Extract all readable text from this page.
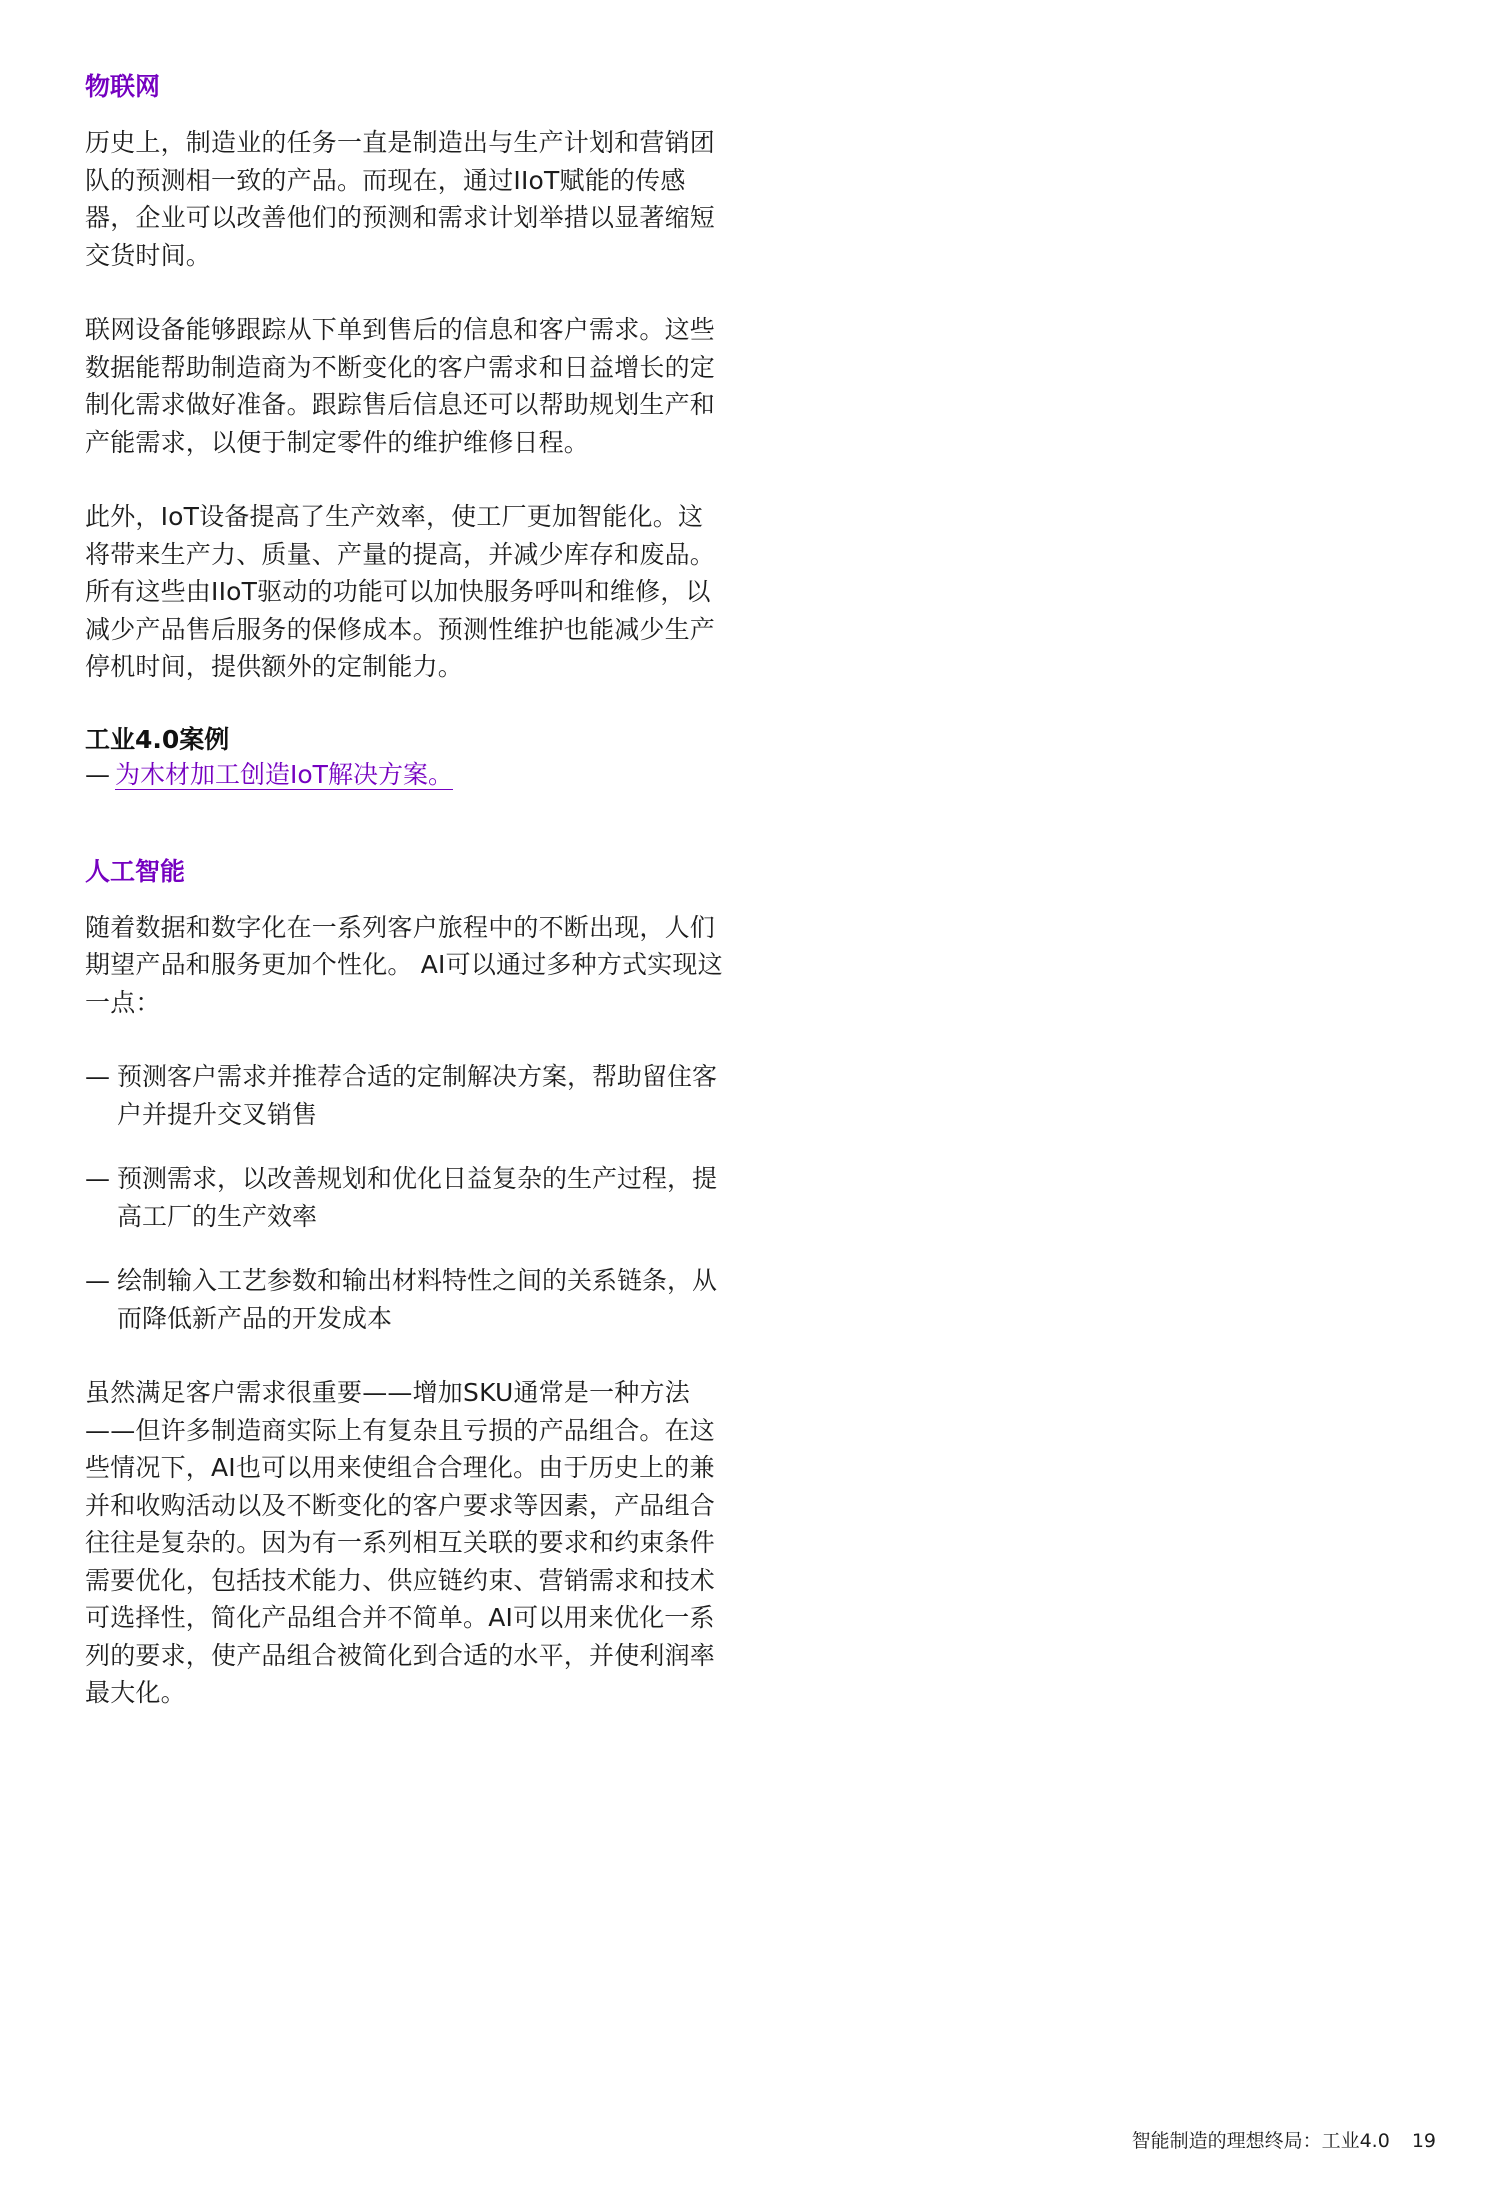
物联网

历史上，制造业的任务一直是制造出与生产计划和营销团队的预测相一致的产品。而现在，通过IIoT赋能的传感器，企业可以改善他们的预测和需求计划举措以显著缩短交货时间。

联网设备能够跟踪从下单到售后的信息和客户需求。这些数据能帮助制造商为不断变化的客户需求和日益增长的定制化需求做好准备。跟踪售后信息还可以帮助规划生产和产能需求，以便于制定零件的维护维修日程。

此外，IoT设备提高了生产效率，使工厂更加智能化。这将带来生产力、质量、产量的提高，并减少库存和废品。所有这些由IIoT驱动的功能可以加快服务呼叫和维修，以减少产品售后服务的保修成本。预测性维护也能减少生产停机时间，提供额外的定制能力。

工业4.0案例

— 为木材加工创造IoT解决方案。

人工智能

随着数据和数字化在一系列客户旅程中的不断出现，人们期望产品和服务更加个性化。 AI可以通过多种方式实现这一点：

— 预测客户需求并推荐合适的定制解决方案，帮助留住客户并提升交叉销售
— 预测需求，以改善规划和优化日益复杂的生产过程，提高工厂的生产效率
— 绘制输入工艺参数和输出材料特性之间的关系链条，从而降低新产品的开发成本

虽然满足客户需求很重要——增加SKU通常是一种方法——但许多制造商实际上有复杂且亏损的产品组合。在这些情况下，AI也可以用来使组合合理化。由于历史上的兼并和收购活动以及不断变化的客户要求等因素，产品组合往往是复杂的。因为有一系列相互关联的要求和约束条件需要优化，包括技术能力、供应链约束、营销需求和技术可选择性，简化产品组合并不简单。AI可以用来优化一系列的要求，使产品组合被简化到合适的水平，并使利润率最大化。

智能制造的理想终局：工业4.0 19
